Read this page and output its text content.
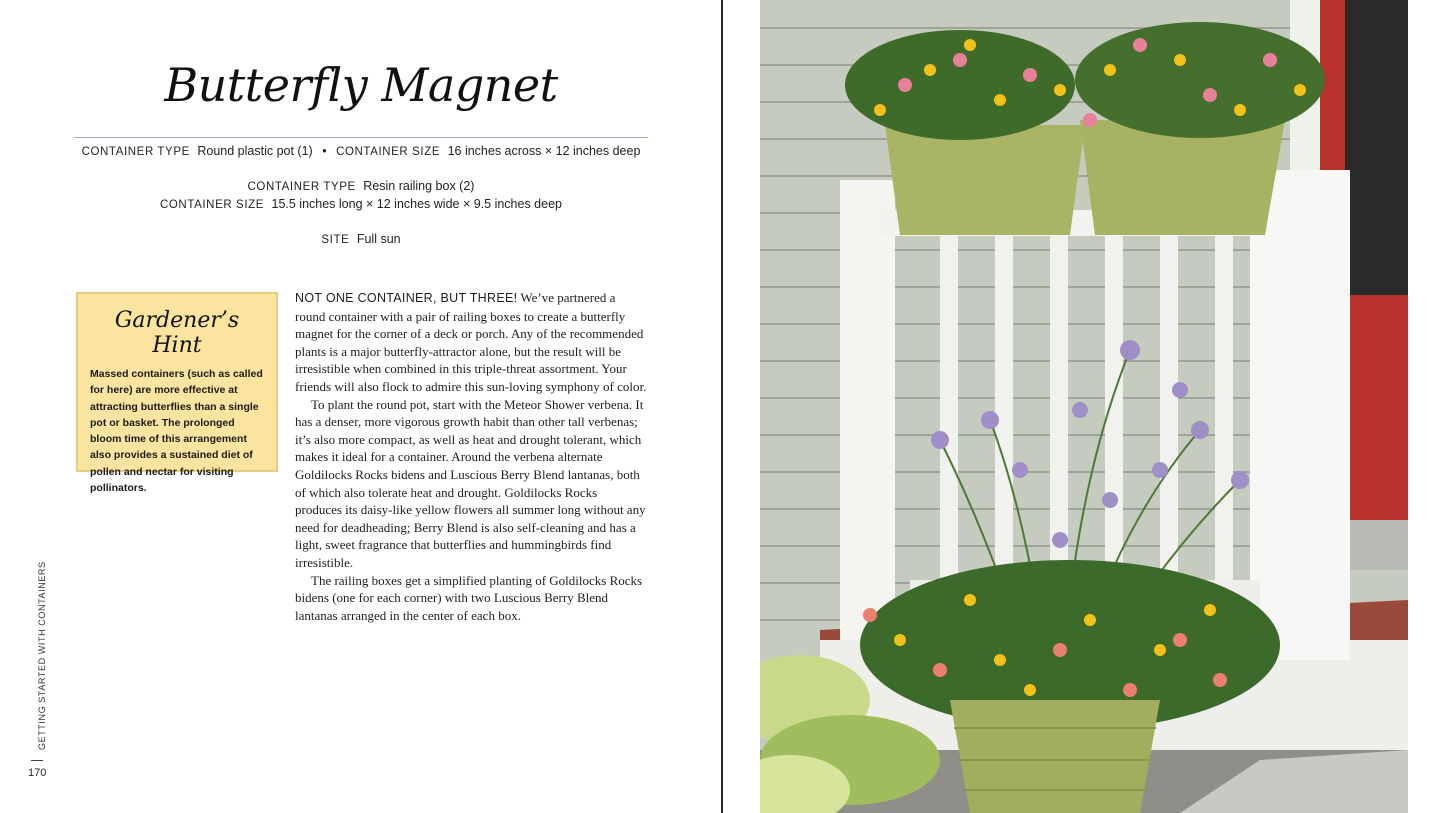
Butterfly Magnet
CONTAINER TYPE Round plastic pot (1) • CONTAINER SIZE 16 inches across × 12 inches deep
CONTAINER TYPE Resin railing box (2)
CONTAINER SIZE 15.5 inches long × 12 inches wide × 9.5 inches deep
SITE Full sun
Gardener’s Hint
Massed containers (such as called for here) are more effective at attracting butterflies than a single pot or basket. The prolonged bloom time of this arrangement also provides a sustained diet of pollen and nectar for visiting pollinators.

NOT ONE CONTAINER, BUT THREE! We’ve partnered a round container with a pair of railing boxes to create a butterfly magnet for the corner of a deck or porch. Any of the recommended plants is a major butterfly-attractor alone, but the result will be irresistible when combined in this triple-threat assortment. Your friends will also flock to admire this sun-loving symphony of color.

To plant the round pot, start with the Meteor Shower verbena. It has a denser, more vigorous growth habit than other tall verbenas; it’s also more compact, as well as heat and drought tolerant, which makes it ideal for a container. Around the verbena alternate Goldilocks Rocks bidens and Luscious Berry Blend lantanas, both of which also tolerate heat and drought. Goldilocks Rocks produces its daisy-like yellow flowers all summer long without any need for deadheading; Berry Blend is also self-cleaning and has a light, sweet fragrance that butterflies and hummingbirds find irresistible.

The railing boxes get a simplified planting of Goldilocks Rocks bidens (one for each corner) with two Luscious Berry Blend lantanas arranged in the center of each box.

GETTING STARTED WITH CONTAINERS
170
